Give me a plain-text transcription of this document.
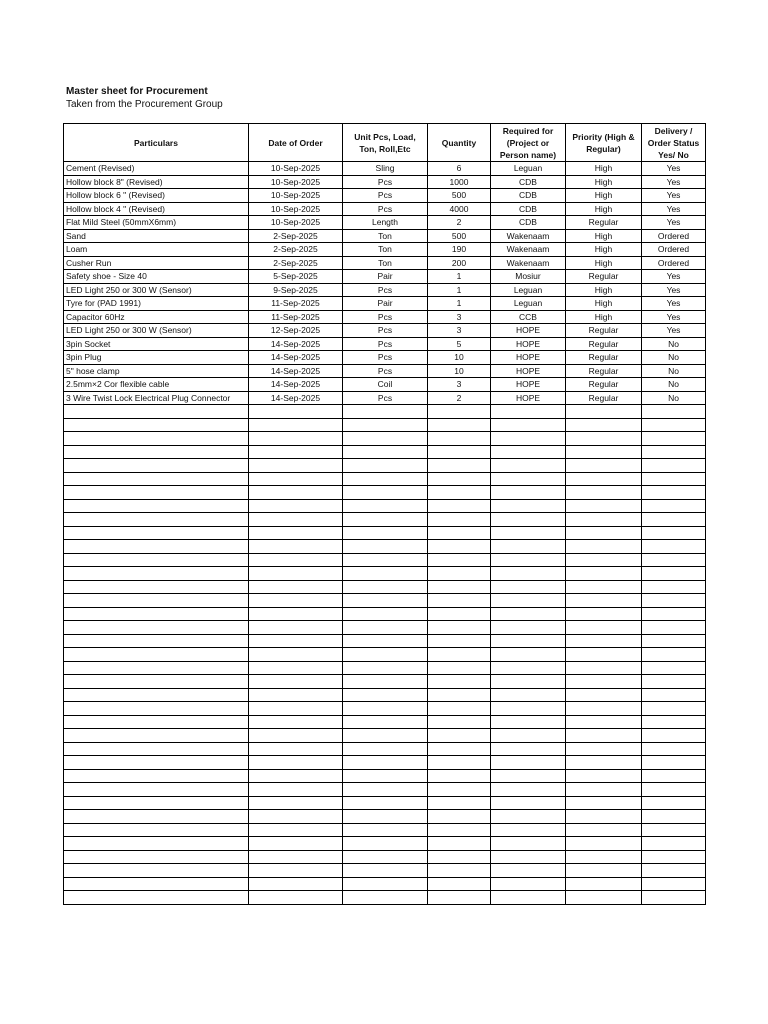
Master sheet for Procurement
Taken from the Procurement Group
Particulars	Date of Order	Unit Pcs, Load, Ton, Roll,Etc	Quantity	Required for (Project or Person name)	Priority (High & Regular)	Delivery / Order Status Yes/ No
Cement (Revised)	10-Sep-2025	Sling	6	Leguan	High	Yes
Hollow block 8" (Revised)	10-Sep-2025	Pcs	1000	CDB	High	Yes
Hollow block 6 " (Revised)	10-Sep-2025	Pcs	500	CDB	High	Yes
Hollow block 4 " (Revised)	10-Sep-2025	Pcs	4000	CDB	High	Yes
Flat Mild Steel (50mmX6mm)	10-Sep-2025	Length	2	CDB	Regular	Yes
Sand	2-Sep-2025	Ton	500	Wakenaam	High	Ordered
Loam	2-Sep-2025	Ton	190	Wakenaam	High	Ordered
Cusher Run	2-Sep-2025	Ton	200	Wakenaam	High	Ordered
Safety shoe - Size 40	5-Sep-2025	Pair	1	Mosiur	Regular	Yes
LED Light 250 or 300 W (Sensor)	9-Sep-2025	Pcs	1	Leguan	High	Yes
Tyre for (PAD 1991)	11-Sep-2025	Pair	1	Leguan	High	Yes
Capacitor 60Hz	11-Sep-2025	Pcs	3	CCB	High	Yes
LED Light 250 or 300 W (Sensor)	12-Sep-2025	Pcs	3	HOPE	Regular	Yes
3pin Socket	14-Sep-2025	Pcs	5	HOPE	Regular	No
3pin Plug	14-Sep-2025	Pcs	10	HOPE	Regular	No
5" hose clamp	14-Sep-2025	Pcs	10	HOPE	Regular	No
2.5mm×2 Cor flexible cable	14-Sep-2025	Coil	3	HOPE	Regular	No
3 Wire Twist Lock Electrical Plug Connector	14-Sep-2025	Pcs	2	HOPE	Regular	No
